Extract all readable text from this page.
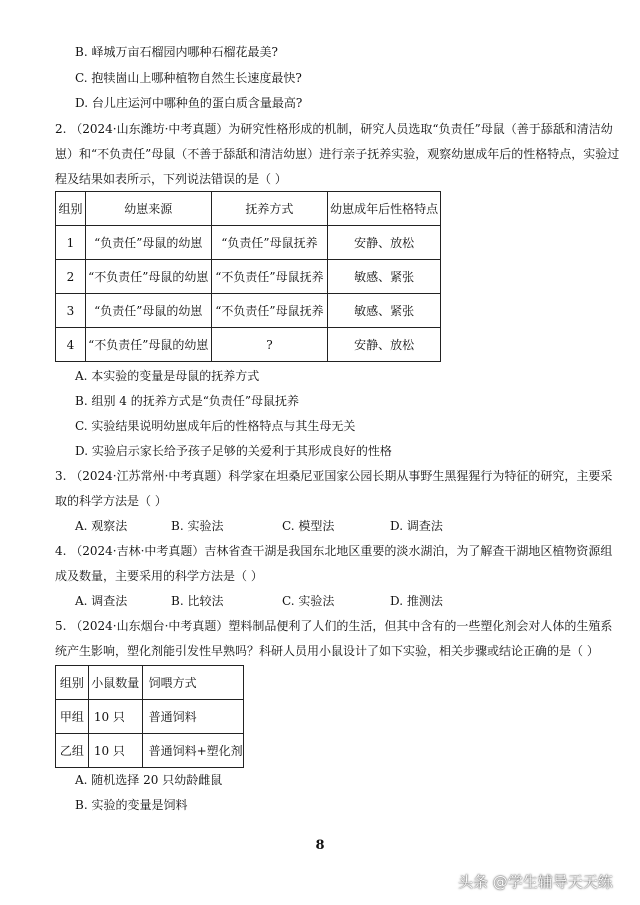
B. 峄城万亩石榴园内哪种石榴花最美?
C. 抱犊崮山上哪种植物自然生长速度最快?
D. 台儿庄运河中哪种鱼的蛋白质含量最高?
2. （2024·山东潍坊·中考真题）为研究性格形成的机制，研究人员选取“负责任”母鼠（善于舔舐和清洁幼
崽）和“不负责任”母鼠（不善于舔舐和清洁幼崽）进行亲子抚养实验，观察幼崽成年后的性格特点，实验过
程及结果如表所示，下列说法错误的是（ ）
组别	幼崽来源	抚养方式	幼崽成年后性格特点
1	“负责任”母鼠的幼崽	“负责任”母鼠抚养	安静、放松
2	“不负责任”母鼠的幼崽	“不负责任”母鼠抚养	敏感、紧张
3	“负责任”母鼠的幼崽	“不负责任”母鼠抚养	敏感、紧张
4	“不负责任”母鼠的幼崽	?	安静、放松
A. 本实验的变量是母鼠的抚养方式
B. 组别 4 的抚养方式是“负责任”母鼠抚养
C. 实验结果说明幼崽成年后的性格特点与其生母无关
D. 实验启示家长给予孩子足够的关爱利于其形成良好的性格
3. （2024·江苏常州·中考真题）科学家在坦桑尼亚国家公园长期从事野生黑猩猩行为特征的研究，主要采
取的科学方法是（ ）
A. 观察法	B. 实验法	C. 模型法	D. 调查法
4. （2024·吉林·中考真题）吉林省查干湖是我国东北地区重要的淡水湖泊，为了解查干湖地区植物资源组
成及数量，主要采用的科学方法是（ ）
A. 调查法	B. 比较法	C. 实验法	D. 推测法
5. （2024·山东烟台·中考真题）塑料制品便利了人们的生活，但其中含有的一些塑化剂会对人体的生殖系
统产生影响，塑化剂能引发性早熟吗？科研人员用小鼠设计了如下实验，相关步骤或结论正确的是（ ）
组别	小鼠数量	饲喂方式
甲组	10 只	普通饲料
乙组	10 只	普通饲料+塑化剂
A. 随机选择 20 只幼龄雌鼠
B. 实验的变量是饲料
8
头条 @学生辅导天天练
